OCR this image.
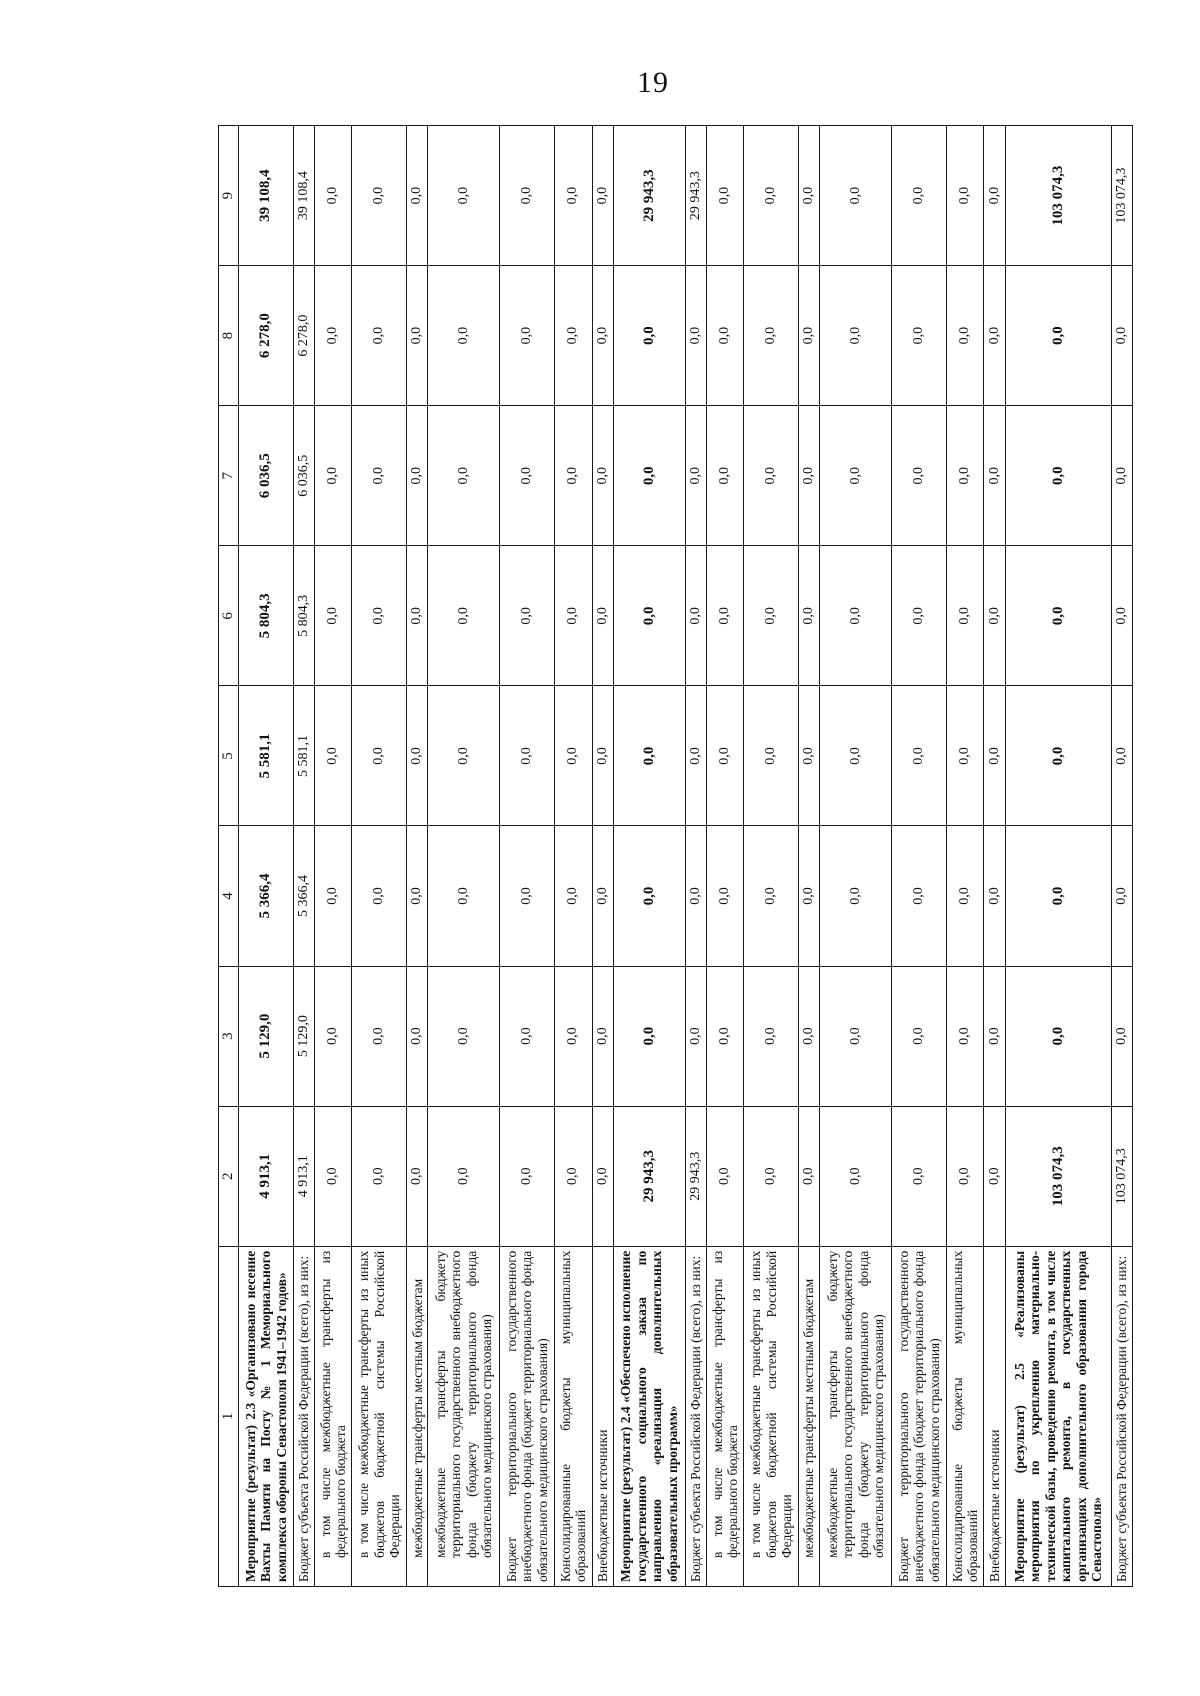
19
1	2	3	4	5	6	7	8	9
Мероприятие (результат) 2.3 «Организовано несение Вахты Памяти на Посту № 1 Мемориального комплекса обороны Севастополя 1941–1942 годов»	4 913,1	5 129,0	5 366,4	5 581,1	5 804,3	6 036,5	6 278,0	39 108,4
Бюджет субъекта Российской Федерации (всего), из них:	4 913,1	5 129,0	5 366,4	5 581,1	5 804,3	6 036,5	6 278,0	39 108,4
в том числе межбюджетные трансферты из федерального бюджета	0,0	0,0	0,0	0,0	0,0	0,0	0,0	0,0
в том числе межбюджетные трансферты из иных бюджетов бюджетной системы Российской Федерации	0,0	0,0	0,0	0,0	0,0	0,0	0,0	0,0
межбюджетные трансферты местным бюджетам	0,0	0,0	0,0	0,0	0,0	0,0	0,0	0,0
межбюджетные трансферты бюджету территориального государственного внебюджетного фонда (бюджету территориального фонда обязательного медицинского страхования)	0,0	0,0	0,0	0,0	0,0	0,0	0,0	0,0
Бюджет территориального государственного внебюджетного фонда (бюджет территориального фонда обязательного медицинского страхования)	0,0	0,0	0,0	0,0	0,0	0,0	0,0	0,0
Консолидированные бюджеты муниципальных образований	0,0	0,0	0,0	0,0	0,0	0,0	0,0	0,0
Внебюджетные источники	0,0	0,0	0,0	0,0	0,0	0,0	0,0	0,0
Мероприятие (результат) 2.4 «Обеспечено исполнение государственного социального заказа по направлению «реализация дополнительных образовательных программ»	29 943,3	0,0	0,0	0,0	0,0	0,0	0,0	29 943,3
Бюджет субъекта Российской Федерации (всего), из них:	29 943,3	0,0	0,0	0,0	0,0	0,0	0,0	29 943,3
в том числе межбюджетные трансферты из федерального бюджета	0,0	0,0	0,0	0,0	0,0	0,0	0,0	0,0
в том числе межбюджетные трансферты из иных бюджетов бюджетной системы Российской Федерации	0,0	0,0	0,0	0,0	0,0	0,0	0,0	0,0
межбюджетные трансферты местным бюджетам	0,0	0,0	0,0	0,0	0,0	0,0	0,0	0,0
межбюджетные трансферты бюджету территориального государственного внебюджетного фонда (бюджету территориального фонда обязательного медицинского страхования)	0,0	0,0	0,0	0,0	0,0	0,0	0,0	0,0
Бюджет территориального государственного внебюджетного фонда (бюджет территориального фонда обязательного медицинского страхования)	0,0	0,0	0,0	0,0	0,0	0,0	0,0	0,0
Консолидированные бюджеты муниципальных образований	0,0	0,0	0,0	0,0	0,0	0,0	0,0	0,0
Внебюджетные источники	0,0	0,0	0,0	0,0	0,0	0,0	0,0	0,0
Мероприятие (результат) 2.5 «Реализованы мероприятия по укреплению материально-технической базы, проведению ремонта, в том числе капитального ремонта, в государственных организациях дополнительного образования города Севастополя»	103 074,3	0,0	0,0	0,0	0,0	0,0	0,0	103 074,3
Бюджет субъекта Российской Федерации (всего), из них:	103 074,3	0,0	0,0	0,0	0,0	0,0	0,0	103 074,3
